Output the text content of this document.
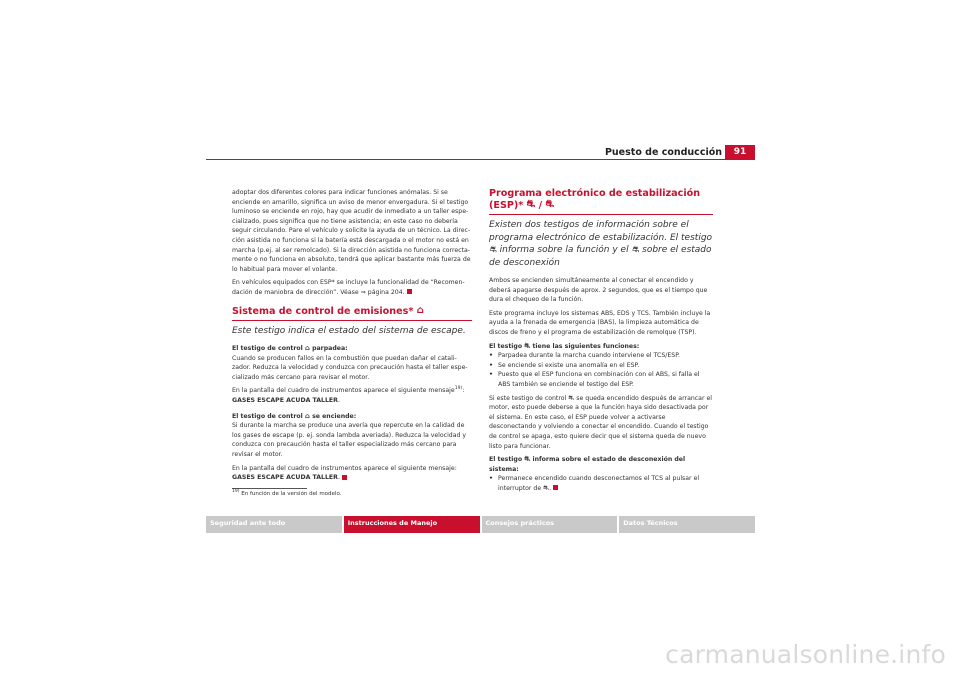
Puesto de conducción	91

adoptar dos diferentes colores para indicar funciones anómalas. Si se enciende en amarillo, significa un aviso de menor envergadura. Si el testigo luminoso se enciende en rojo, hay que acudir de inmediato a un taller especializado, pues significa que no tiene asistencia; en este caso no debería seguir circulando. Pare el vehículo y solicite la ayuda de un técnico. La dirección asistida no funciona si la batería está descargada o el motor no está en marcha (p.ej. al ser remolcado). Si la dirección asistida no funciona correctamente o no funciona en absoluto, tendrá que aplicar bastante más fuerza de lo habitual para mover el volante.

En vehículos equipados con ESP* se incluye la funcionalidad de “Recomendación de maniobra de dirección”. Véase ⇒ página 204.

Sistema de control de emisiones* ⌂
Este testigo indica el estado del sistema de escape.
El testigo de control ⌂ parpadea:

Cuando se producen fallos en la combustión que puedan dañar el catalizador. Reduzca la velocidad y conduzca con precaución hasta el taller especializado más cercano para revisar el motor.

En la pantalla del cuadro de instrumentos aparece el siguiente mensaje$^{19)}$:
GASES ESCAPE ACUDA TALLER.

El testigo de control ⌂ se enciende:

Si durante la marcha se produce una avería que repercute en la calidad de los gases de escape (p. ej. sonda lambda averiada). Reduzca la velocidad y conduzca con precaución hasta el taller especializado más cercano para revisar el motor.

En la pantalla del cuadro de instrumentos aparece el siguiente mensaje:
GASES ESCAPE ACUDA TALLER.

$^{19)}$ En función de la versión del modelo.
Programa electrónico de estabilización (ESP)* ⛐ / ⛐
Existen dos testigos de información sobre el programa electrónico de estabilización. El testigo ⛐ informa sobre la función y el ⛐ sobre el estado de desconexión

Ambos se encienden simultáneamente al conectar el encendido y deberá apagarse después de aprox. 2 segundos, que es el tiempo que dura el chequeo de la función.

Este programa incluye los sistemas ABS, EDS y TCS. También incluye la ayuda a la frenada de emergencia (BAS), la limpieza automática de discos de freno y el programa de estabilización de remolque (TSP).

El testigo ⛐ tiene las siguientes funciones:
• Parpadea durante la marcha cuando interviene el TCS/ESP.
• Se enciende si existe una anomalía en el ESP.
• Puesto que el ESP funciona en combinación con el ABS, si falla el ABS también se enciende el testigo del ESP.

Si este testigo de control ⛐ se queda encendido después de arrancar el motor, esto puede deberse a que la función haya sido desactivada por el sistema. En este caso, el ESP puede volver a activarse desconectando y volviendo a conectar el encendido. Cuando el testigo de control se apaga, esto quiere decir que el sistema queda de nuevo listo para funcionar.

El testigo ⛐ informa sobre el estado de desconexión del sistema:
• Permanece encendido cuando desconectamos el TCS al pulsar el interruptor de ⛐.
Seguridad ante todo	Instrucciones de Manejo	Consejos prácticos	Datos Técnicos
carmanualsonline.info
